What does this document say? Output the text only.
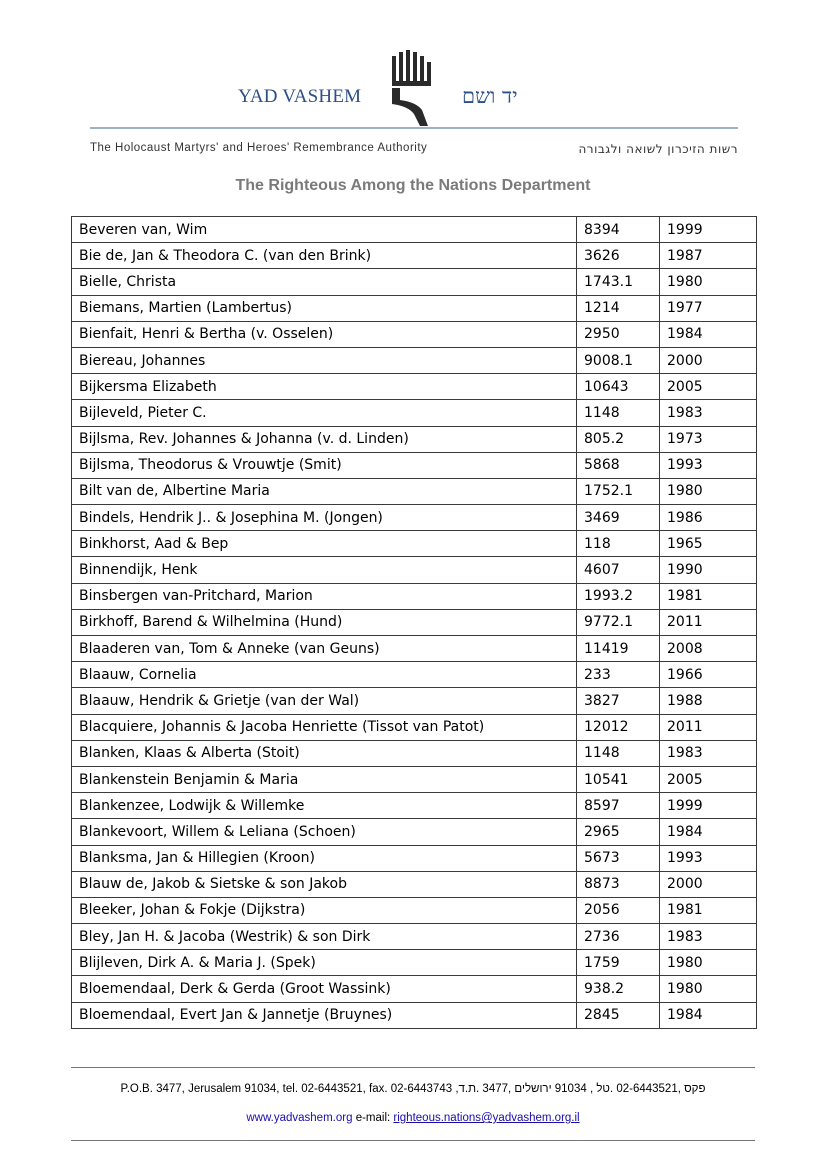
YAD VASHEM	יד ושם
The Holocaust Martyrs' and Heroes' Remembrance Authority	רשות הזיכרון לשואה ולגבורה
The Righteous Among the Nations Department
Beveren van, Wim	8394	1999
Bie de, Jan & Theodora C. (van den Brink)	3626	1987
Bielle, Christa	1743.1	1980
Biemans, Martien (Lambertus)	1214	1977
Bienfait, Henri & Bertha (v. Osselen)	2950	1984
Biereau, Johannes	9008.1	2000
Bijkersma Elizabeth	10643	2005
Bijleveld, Pieter C.	1148	1983
Bijlsma, Rev. Johannes & Johanna (v. d. Linden)	805.2	1973
Bijlsma, Theodorus & Vrouwtje (Smit)	5868	1993
Bilt van de, Albertine Maria	1752.1	1980
Bindels, Hendrik J.. & Josephina M. (Jongen)	3469	1986
Binkhorst, Aad & Bep	118	1965
Binnendijk, Henk	4607	1990
Binsbergen van-Pritchard, Marion	1993.2	1981
Birkhoff, Barend & Wilhelmina (Hund)	9772.1	2011
Blaaderen van, Tom & Anneke (van Geuns)	11419	2008
Blaauw, Cornelia	233	1966
Blaauw, Hendrik & Grietje (van der Wal)	3827	1988
Blacquiere, Johannis & Jacoba Henriette (Tissot van Patot)	12012	2011
Blanken, Klaas & Alberta (Stoit)	1148	1983
Blankenstein Benjamin & Maria	10541	2005
Blankenzee, Lodwijk & Willemke	8597	1999
Blankevoort, Willem & Leliana (Schoen)	2965	1984
Blanksma, Jan & Hillegien (Kroon)	5673	1993
Blauw de, Jakob & Sietske & son Jakob	8873	2000
Bleeker, Johan & Fokje (Dijkstra)	2056	1981
Bley, Jan H. & Jacoba (Westrik) & son Dirk	2736	1983
Blijleven, Dirk A. & Maria J. (Spek)	1759	1980
Bloemendaal, Derk & Gerda (Groot Wassink)	938.2	1980
Bloemendaal, Evert Jan & Jannetje (Bruynes)	2845	1984
P.O.B. 3477, Jerusalem 91034, tel. 02-6443521, fax. 02-6443743 ,פקס ,02-6443521 .טל , 91034 ירושלים ,3477 .ת.ד
www.yadvashem.org e-mail: righteous.nations@yadvashem.org.il
